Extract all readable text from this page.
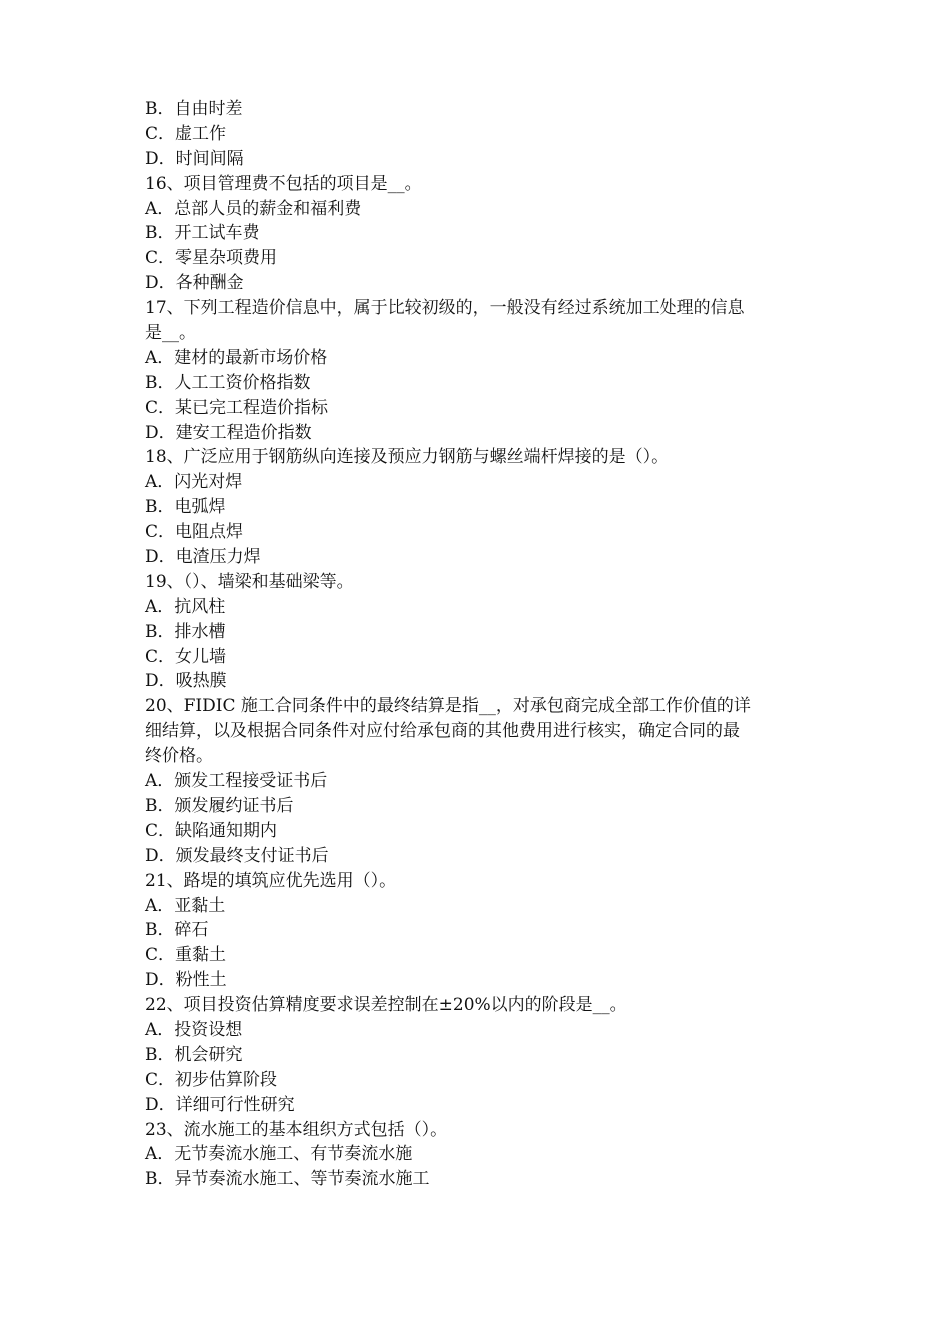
B．自由时差
C．虚工作
D．时间间隔
16、项目管理费不包括的项目是__。
A．总部人员的薪金和福利费
B．开工试车费
C．零星杂项费用
D．各种酬金
17、下列工程造价信息中，属于比较初级的，一般没有经过系统加工处理的信息
是__。
A．建材的最新市场价格
B．人工工资价格指数
C．某已完工程造价指标
D．建安工程造价指数
18、广泛应用于钢筋纵向连接及预应力钢筋与螺丝端杆焊接的是（）。
A．闪光对焊
B．电弧焊
C．电阻点焊
D．电渣压力焊
19、（）、墙梁和基础梁等。
A．抗风柱
B．排水槽
C．女儿墙
D．吸热膜
20、FIDIC 施工合同条件中的最终结算是指__，对承包商完成全部工作价值的详
细结算，以及根据合同条件对应付给承包商的其他费用进行核实，确定合同的最
终价格。
A．颁发工程接受证书后
B．颁发履约证书后
C．缺陷通知期内
D．颁发最终支付证书后
21、路堤的填筑应优先选用（）。
A．亚黏土
B．碎石
C．重黏土
D．粉性土
22、项目投资估算精度要求误差控制在±20%以内的阶段是__。
A．投资设想
B．机会研究
C．初步估算阶段
D．详细可行性研究
23、流水施工的基本组织方式包括（）。
A．无节奏流水施工、有节奏流水施
B．异节奏流水施工、等节奏流水施工
